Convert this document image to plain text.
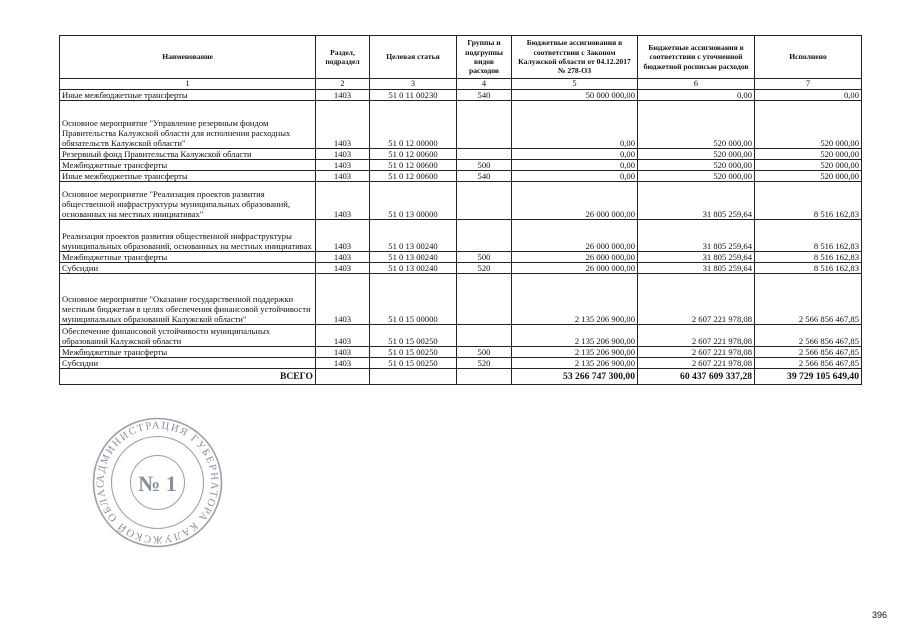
Наименование	Раздел, подраздел	Целевая статья	Группы и подгруппы видов расходов	Бюджетные ассигнования в соответствии с Законом Калужской области от 04.12.2017 № 278-ОЗ	Бюджетные ассигнования в соответствии с уточненной бюджетной росписью расходов	Исполнено
1	2	3	4	5	6	7
Иные межбюджетные трансферты	1403	51 0 11 00230	540	50 000 000,00	0,00	0,00
Основное мероприятие "Управление резервным фондом Правительства Калужской области для исполнения расходных обязательств Калужской области"	1403	51 0 12 00000		0,00	520 000,00	520 000,00
Резервный фонд Правительства Калужской области	1403	51 0 12 00600		0,00	520 000,00	520 000,00
Межбюджетные трансферты	1403	51 0 12 00600	500	0,00	520 000,00	520 000,00
Иные межбюджетные трансферты	1403	51 0 12 00600	540	0,00	520 000,00	520 000,00
Основное мероприятие "Реализация проектов развития общественной инфраструктуры муниципальных образований, основанных на местных инициативах"	1403	51 0 13 00000		26 000 000,00	31 805 259,64	8 516 162,83
Реализация проектов развития общественной инфраструктуры муниципальных образований, основанных на местных инициативах	1403	51 0 13 00240		26 000 000,00	31 805 259,64	8 516 162,83
Межбюджетные трансферты	1403	51 0 13 00240	500	26 000 000,00	31 805 259,64	8 516 162,83
Субсидии	1403	51 0 13 00240	520	26 000 000,00	31 805 259,64	8 516 162,83
Основное мероприятие "Оказание государственной поддержки местным бюджетам в целях обеспечения финансовой устойчивости муниципальных образований Калужской области"	1403	51 0 15 00000		2 135 206 900,00	2 607 221 978,08	2 566 856 467,85
Обеспечение финансовой устойчивости муниципальных образований Калужской области	1403	51 0 15 00250		2 135 206 900,00	2 607 221 978,08	2 566 856 467,85
Межбюджетные трансферты	1403	51 0 15 00250	500	2 135 206 900,00	2 607 221 978,08	2 566 856 467,85
Субсидии	1403	51 0 15 00250	520	2 135 206 900,00	2 607 221 978,08	2 566 856 467,85
ВСЕГО				53 266 747 300,00	60 437 609 337,28	39 729 105 649,40
АДМИНИСТРАЦИЯ ГУБЕРНАТОРА КАЛУЖСКОЙ ОБЛАС	№ 1
396
